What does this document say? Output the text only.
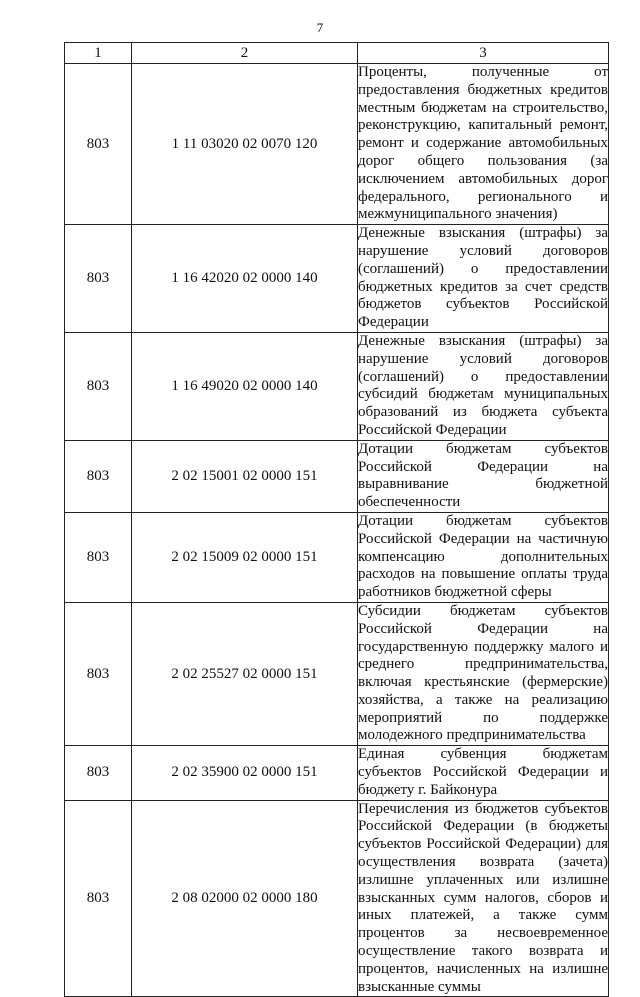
7
1	2	3
803	1 11 03020 02 0070 120	Проценты, полученные от предоставления бюджетных кредитов местным бюджетам на строительство, реконструкцию, капитальный ремонт, ремонт и содержание автомобильных дорог общего пользования (за исключением автомобильных дорог федерального, регионального и межмуниципального значения)
803	1 16 42020 02 0000 140	Денежные взыскания (штрафы) за нарушение условий договоров (соглашений) о предоставлении бюджетных кредитов за счет средств бюджетов субъектов Российской Федерации
803	1 16 49020 02 0000 140	Денежные взыскания (штрафы) за нарушение условий договоров (соглашений) о предоставлении субсидий бюджетам муниципальных образований из бюджета субъекта Российской Федерации
803	2 02 15001 02 0000 151	Дотации бюджетам субъектов Российской Федерации на выравнивание бюджетной обеспеченности
803	2 02 15009 02 0000 151	Дотации бюджетам субъектов Российской Федерации на частичную компенсацию дополнительных расходов на повышение оплаты труда работников бюджетной сферы
803	2 02 25527 02 0000 151	Субсидии бюджетам субъектов Российской Федерации на государственную поддержку малого и среднего предпринимательства, включая крестьянские (фермерские) хозяйства, а также на реализацию мероприятий по поддержке молодежного предпринимательства
803	2 02 35900 02 0000 151	Единая субвенция бюджетам субъектов Российской Федерации и бюджету г. Байконура
803	2 08 02000 02 0000 180	Перечисления из бюджетов субъектов Российской Федерации (в бюджеты субъектов Российской Федерации) для осуществления возврата (зачета) излишне уплаченных или излишне взысканных сумм налогов, сборов и иных платежей, а также сумм процентов за несвоевременное осуществление такого возврата и процентов, начисленных на излишне взысканные суммы
